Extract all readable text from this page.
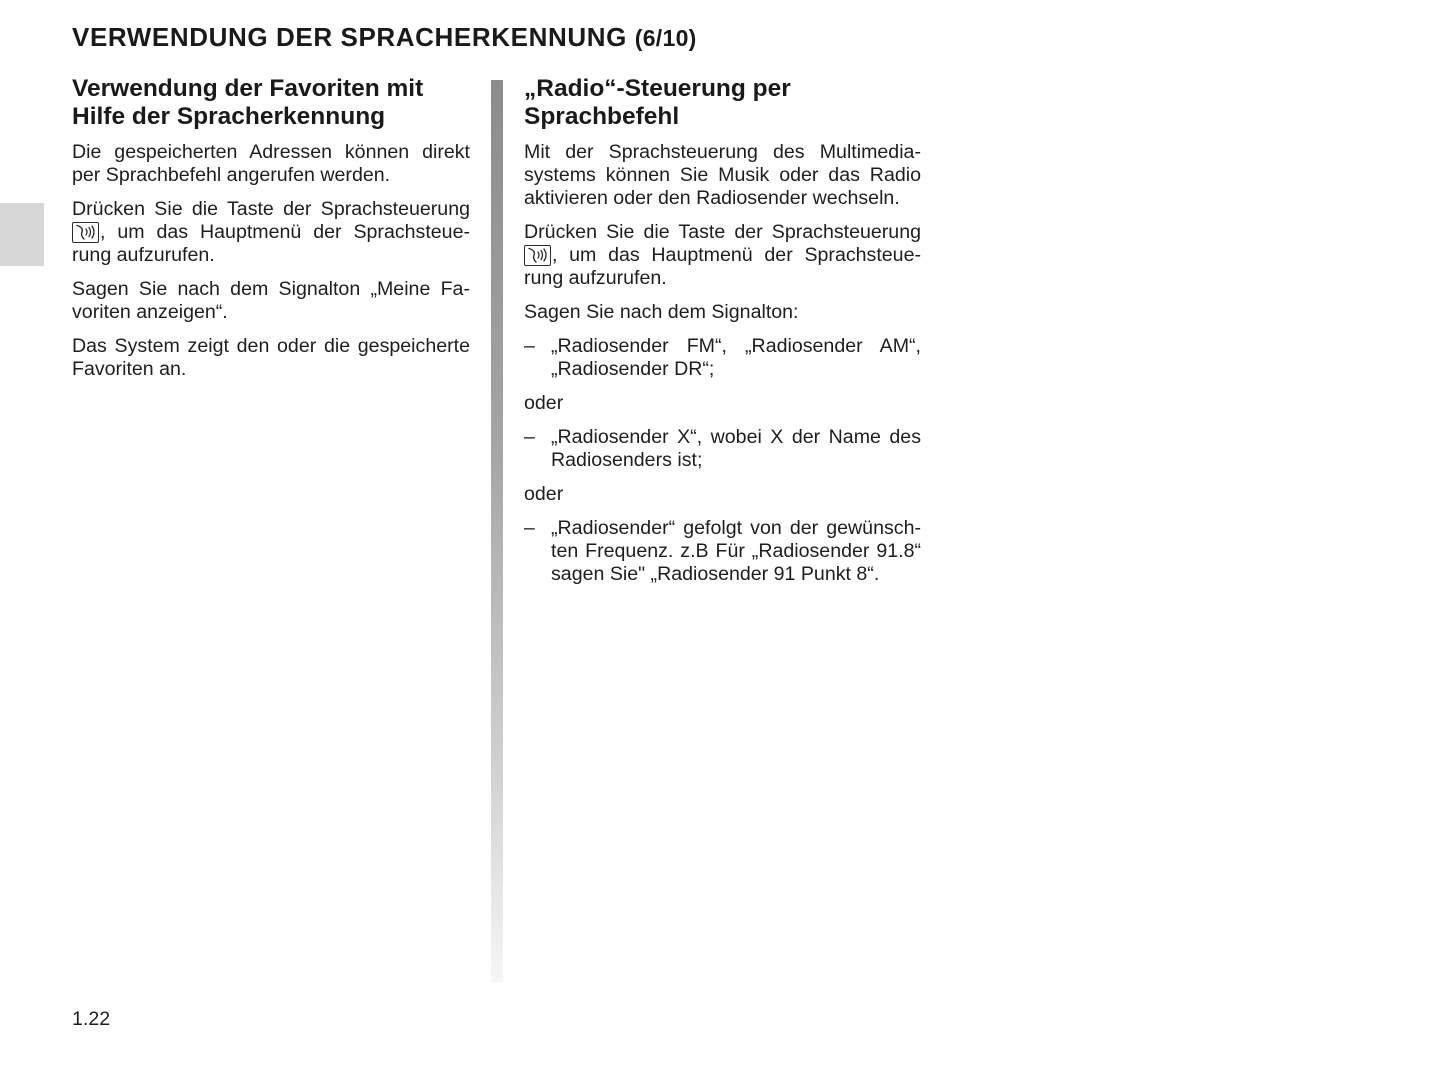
VERWENDUNG DER SPRACHERKENNUNG (6/10)
Verwendung der Favoriten mit Hilfe der Spracherkennung

Die gespeicherten Adressen können direkt per Sprachbefehl angerufen werden.

Drücken Sie die Taste der Sprachsteuerung
, um das Hauptmenü der Sprachsteuerung aufzurufen.

Sagen Sie nach dem Signalton „Meine Favoriten anzeigen“.

Das System zeigt den oder die gespeicherte Favoriten an.

„Radio“-Steuerung per Sprachbefehl

Mit der Sprachsteuerung des Multimediasystems können Sie Musik oder das Radio aktivieren oder den Radiosender wechseln.

Drücken Sie die Taste der Sprachsteuerung
, um das Hauptmenü der Sprachsteuerung aufzurufen.

Sagen Sie nach dem Signalton:

– „Radiosender FM“, „Radiosender AM“, „Radiosender DR“;

oder

– „Radiosender X“, wobei X der Name des Radiosenders ist;

oder

– „Radiosender“ gefolgt von der gewünschten Frequenz. z.B Für „Radiosender 91.8“ sagen Sie" „Radiosender 91 Punkt 8“.
1.22
